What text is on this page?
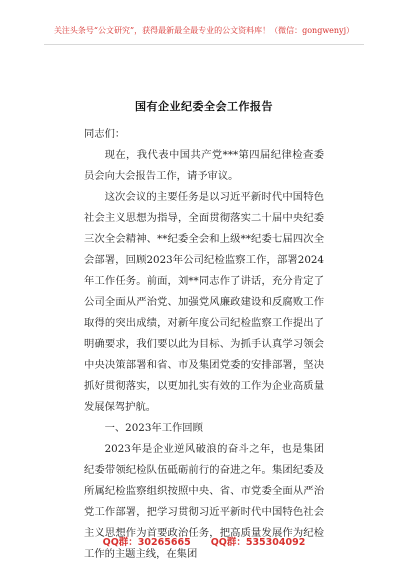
关注头条号“公文研究”，获得最新最全最专业的公文资料库！（微信：gongwenyj）
国有企业纪委全会工作报告

同志们：

现在，我代表中国共产党***第四届纪律检查委员会向大会报告工作，请予审议。

这次会议的主要任务是以习近平新时代中国特色社会主义思想为指导，全面贯彻落实二十届中央纪委三次全会精神、**纪委全会和上级**纪委七届四次全会部署，回顾2023年公司纪检监察工作，部署2024年工作任务。前面，刘**同志作了讲话，充分肯定了公司全面从严治党、加强党风廉政建设和反腐败工作取得的突出成绩，对新年度公司纪检监察工作提出了明确要求，我们要以此为目标、为抓手认真学习领会中央决策部署和省、市及集团党委的安排部署，坚决抓好贯彻落实，以更加扎实有效的工作为企业高质量发展保驾护航。

一、2023年工作回顾

2023年是企业逆风破浪的奋斗之年，也是集团纪委带领纪检队伍砥砺前行的奋进之年。集团纪委及所属纪检监察组织按照中央、省、市党委全面从严治党工作部署，把学习贯彻习近平新时代中国特色社会主义思想作为首要政治任务，把高质量发展作为纪检工作的主题主线，在集团

QQ群：30265665 QQ群：535304092
